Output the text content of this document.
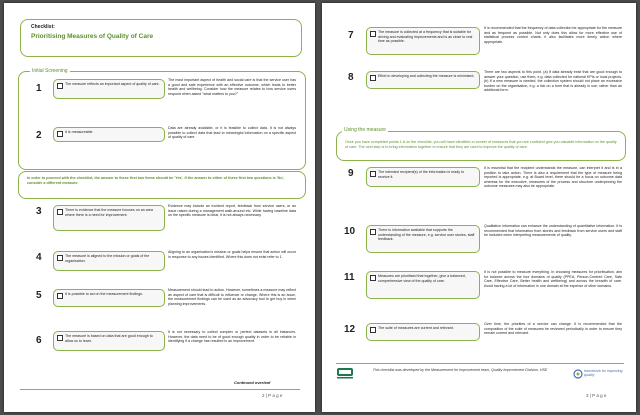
Checklist:
Prioritising Measures of Quality of Care
Initial Screening
1	The measure reflects an important aspect of quality of care.
The most important aspect of health and social care is that the service user has a good and safe experience with an effective outcome, which leads to better health and wellbeing. Consider how the measure relates to how service users respond when asked "what matters to you?"
2	It is measureable.
Data are already available, or it is feasible to collect data. It is not always possible to collect data that lead to meaningful information on a specific aspect of quality of care.
In order to proceed with the checklist, the answer to these first two items should be 'Yes'. If the answer to either of these first two questions is 'No', consider a different measure.
3	There is evidence that the measure focuses on an area where there is a need for improvement.
Evidence may include an incident report, feedback from service users, or an issue raised during a management walk-around etc. While having baseline data on the specific measure is ideal, it is not always necessary.
4	The measure is aligned to the mission or goals of the organisation.
Aligning to an organisation's mission or goals helps ensure that action will occur in response to any issues identified. Where this does not exist refer to 1.
5	It is possible to act on the measurement findings.
Measurement should lead to action. However, sometimes a measure may reflect an aspect of care that is difficult to influence or change. Where this is an issue, the measurement findings can be used as an advocacy tool to get buy in when planning improvements.
6	The measure is based on data that are good enough to allow us to learn.
It is not necessary to collect complex or perfect datasets in all instances. However, the data need to be of good enough quality in order to be reliable in identifying if a change has resulted in an improvement.
Continued overleaf
2 | P a g e
7	The measure is collected at a frequency that is suitable for driving and evaluating improvements and is as close to real time as possible.
It is recommended that the frequency of data collection be appropriate for the measure and as frequent as possible. Not only does this allow for more effective use of statistical process control charts, it also facilitates more timely action where appropriate.
8	Effort in developing and collecting the measure is minimised.
There are two aspects to this point. (a) If data already exist that are good enough to answer your question, use them, e.g. data collected for national KPIs or local projects. (b) If a new measure is needed, the collection system should not place an excessive burden on the organisation, e.g. a tick on a form that is already in use, rather than an additional form.
Once you have completed points 1-8 on the checklist, you will have identified a number of measures that you are confident give you valuable information on the quality of care. The next step is to bring information together to ensure that they are used to improve the quality of care.
Using the measure
9	The intended recipient(s) of the information is ready to receive it.
It is essential that the recipient understands the measure, can interpret it and is in a position to take action. There is also a requirement that the type of measure being reported is appropriate, e.g. at Board level, there should be a focus on outcome data whereas for the executive, measures of the process and structure underpinning the outcome measures may also be appropriate.
10	There is information available that supports the understanding of the measure, e.g. service user stories, staff feedback.
Qualitative information can enhance the understanding of quantitative information. It is recommended that information from stories and feedback from service users and staff be included when interpreting measurements of quality.
11	Measures are prioritised that together, give a balanced, comprehensive view of the quality of care.
It is not possible to measure everything. In choosing measures for prioritisation, aim for balance across the four domains of quality (PPEA: Person-Centred Care, Safe Care, Effective Care, Better health and wellbeing) and across the breadth of care. Avoid having a lot of information in one domain at the expense of other domains.
12	The suite of measures are current and relevant.
Over time, the priorities of a service can change. It is recommended that the composition of the suite of measures be reviewed periodically in order to ensure they remain current and relevant.
This checklist was developed by the Measurement for Improvement team, Quality Improvement Division, HSE	framework for improving quality
3 | P a g e
